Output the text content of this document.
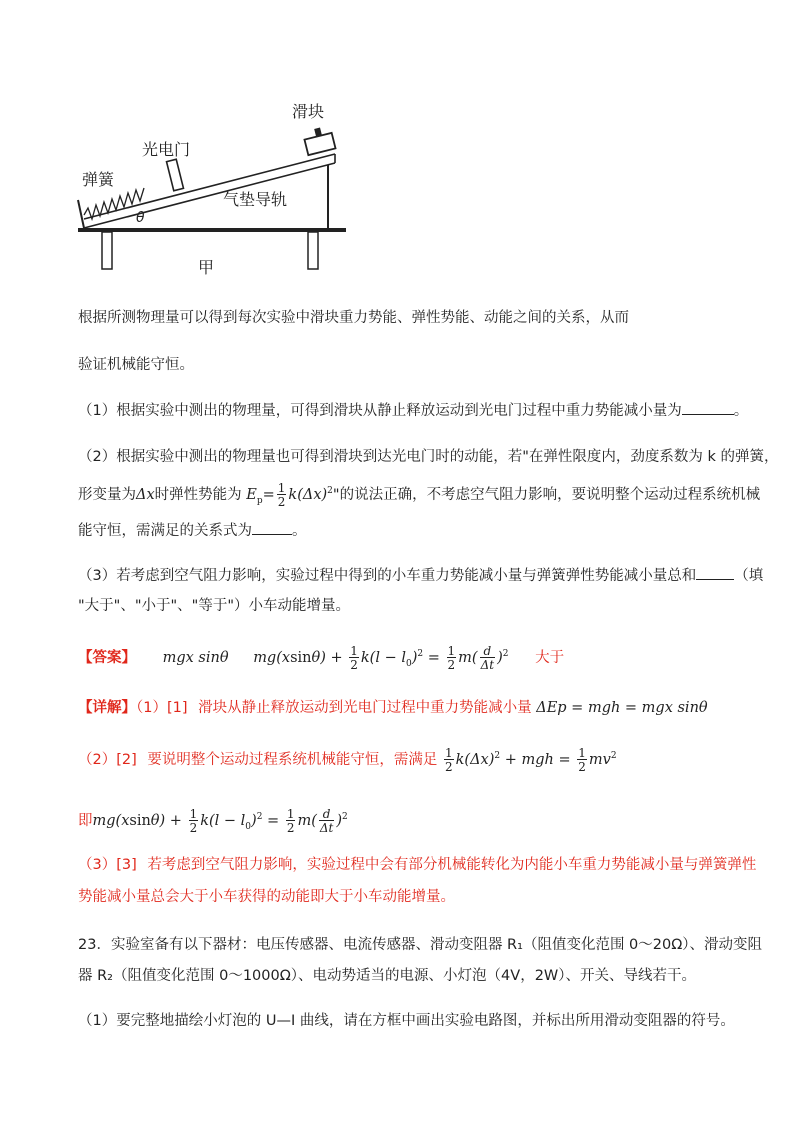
滑块
光电门
弹簧
气垫导轨
θ
甲
根据所测物理量可以得到每次实验中滑块重力势能、弹性势能、动能之间的关系，从而
验证机械能守恒。
（1）根据实验中测出的物理量，可得到滑块从静止释放运动到光电门过程中重力势能减小量为	。
（2）根据实验中测出的物理量也可得到滑块到达光电门时的动能，若"在弹性限度内，劲度系数为 k 的弹簧，
形变量为Δx时弹性势能为 $E_p= \frac{1}{2} k(\Delta x)^2$"的说法正确，不考虑空气阻力影响，要说明整个运动过程系统机械
能守恒，需满足的关系式为	。
（3）若考虑到空气阻力影响，实验过程中得到的小车重力势能减小量与弹簧弹性势能减小量总和	（填
"大于"、"小于"、"等于"）小车动能增量。
【答案】 mgx sinθ $mg(xsin\theta) + \frac{1}{2} k(l - l_0)^2 = \frac{1}{2} m( \frac{d}{\Delta t} )^2$ 大于
【详解】（1）[1] 滑块从静止释放运动到光电门过程中重力势能减小量 ΔEp = mgh = mgx sinθ
（2）[2] 要说明整个运动过程系统机械能守恒，需满足 $\frac{1}{2} k(\Delta x)^2$ + mgh = $\frac{1}{2} mv^2$
即$mg(xsin\theta) + \frac{1}{2} k(l - l_0)^2 = \frac{1}{2} m( \frac{d}{\Delta t} )^2$
（3）[3] 若考虑到空气阻力影响，实验过程中会有部分机械能转化为内能小车重力势能减小量与弹簧弹性
势能减小量总会大于小车获得的动能即大于小车动能增量。
23．实验室备有以下器材：电压传感器、电流传感器、滑动变阻器 R₁（阻值变化范围 0～20Ω）、滑动变阻
器 R₂（阻值变化范围 0～1000Ω）、电动势适当的电源、小灯泡（4V，2W）、开关、导线若干。
（1）要完整地描绘小灯泡的 U—I 曲线，请在方框中画出实验电路图，并标出所用滑动变阻器的符号。
